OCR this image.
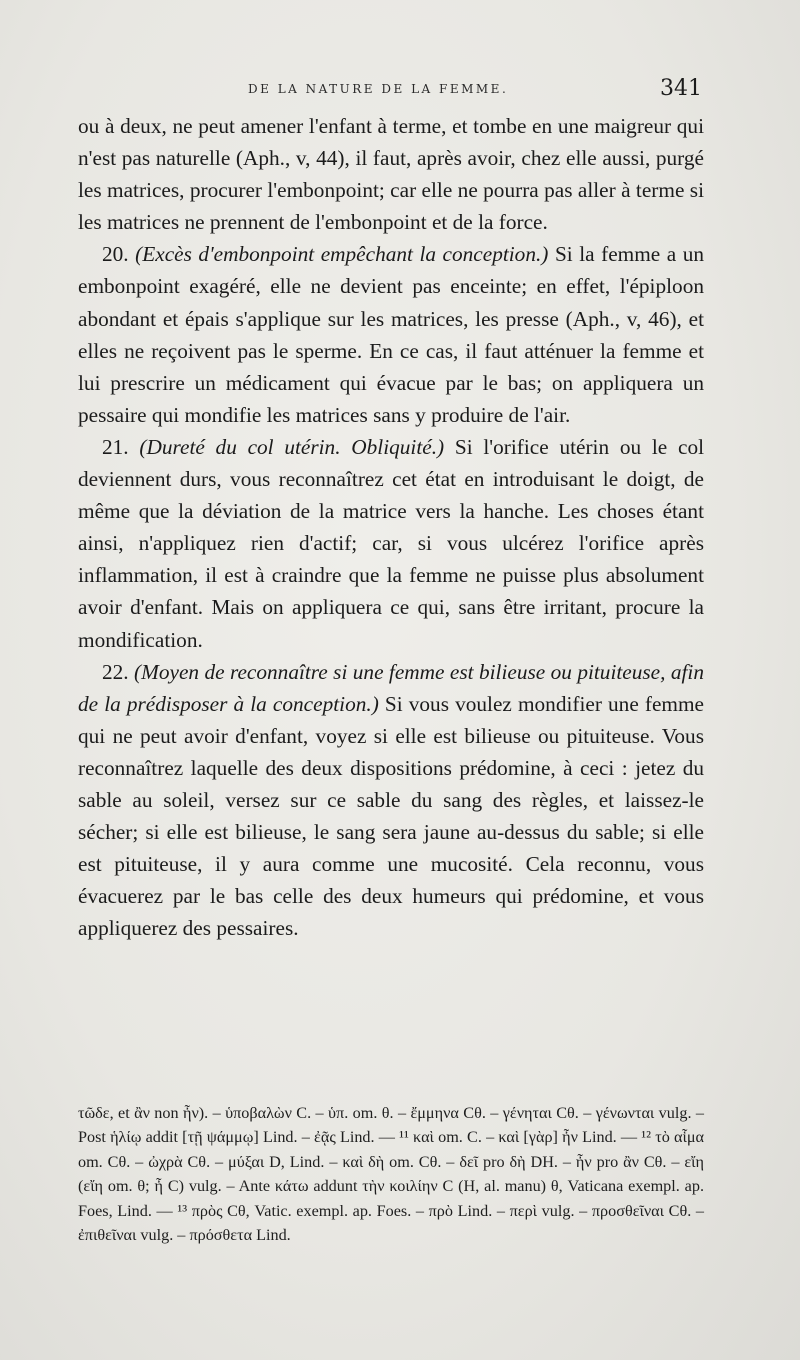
DE LA NATURE DE LA FEMME.	341

ou à deux, ne peut amener l'enfant à terme, et tombe en une maigreur qui n'est pas naturelle (Aph., v, 44), il faut, après avoir, chez elle aussi, purgé les matrices, procurer l'embonpoint; car elle ne pourra pas aller à terme si les matrices ne prennent de l'embonpoint et de la force.

20. (Excès d'embonpoint empêchant la conception.) Si la femme a un embonpoint exagéré, elle ne devient pas enceinte; en effet, l'épiploon abondant et épais s'applique sur les matrices, les presse (Aph., v, 46), et elles ne reçoivent pas le sperme. En ce cas, il faut atténuer la femme et lui prescrire un médicament qui évacue par le bas; on appliquera un pessaire qui mondifie les matrices sans y produire de l'air.

21. (Dureté du col utérin. Obliquité.) Si l'orifice utérin ou le col deviennent durs, vous reconnaîtrez cet état en introduisant le doigt, de même que la déviation de la matrice vers la hanche. Les choses étant ainsi, n'appliquez rien d'actif; car, si vous ulcérez l'orifice après inflammation, il est à craindre que la femme ne puisse plus absolument avoir d'enfant. Mais on appliquera ce qui, sans être irritant, procure la mondification.

22. (Moyen de reconnaître si une femme est bilieuse ou pituiteuse, afin de la prédisposer à la conception.) Si vous voulez mondifier une femme qui ne peut avoir d'enfant, voyez si elle est bilieuse ou pituiteuse. Vous reconnaîtrez laquelle des deux dispositions prédomine, à ceci : jetez du sable au soleil, versez sur ce sable du sang des règles, et laissez-le sécher; si elle est bilieuse, le sang sera jaune au-dessus du sable; si elle est pituiteuse, il y aura comme une mucosité. Cela reconnu, vous évacuerez par le bas celle des deux humeurs qui prédomine, et vous appliquerez des pessaires.

τῶδε, et ἂν non ἦν). – ὑποβαλὼν C. – ὑπ. om. θ. – ἔμμηνα Cθ. – γένηται Cθ. – γένωνται vulg. – Post ἡλίῳ addit [τῇ ψάμμῳ] Lind. – ἐᾷς Lind. — ¹¹ καὶ om. C. – καὶ [γὰρ] ἦν Lind. — ¹² τὸ αἷμα om. Cθ. – ὠχρὰ Cθ. – μύξαι D, Lind. – καὶ δὴ om. Cθ. – δεῖ pro δὴ DH. – ἦν pro ἂν Cθ. – εἴη (εἴη om. θ; ἦ C) vulg. – Ante κάτω addunt τὴν κοιλίην C (H, al. manu) θ, Vaticana exempl. ap. Foes, Lind. — ¹³ πρὸς Cθ, Vatic. exempl. ap. Foes. – πρὸ Lind. – περὶ vulg. – προσθεῖναι Cθ. – ἐπιθεῖναι vulg. – πρόσθετα Lind.
